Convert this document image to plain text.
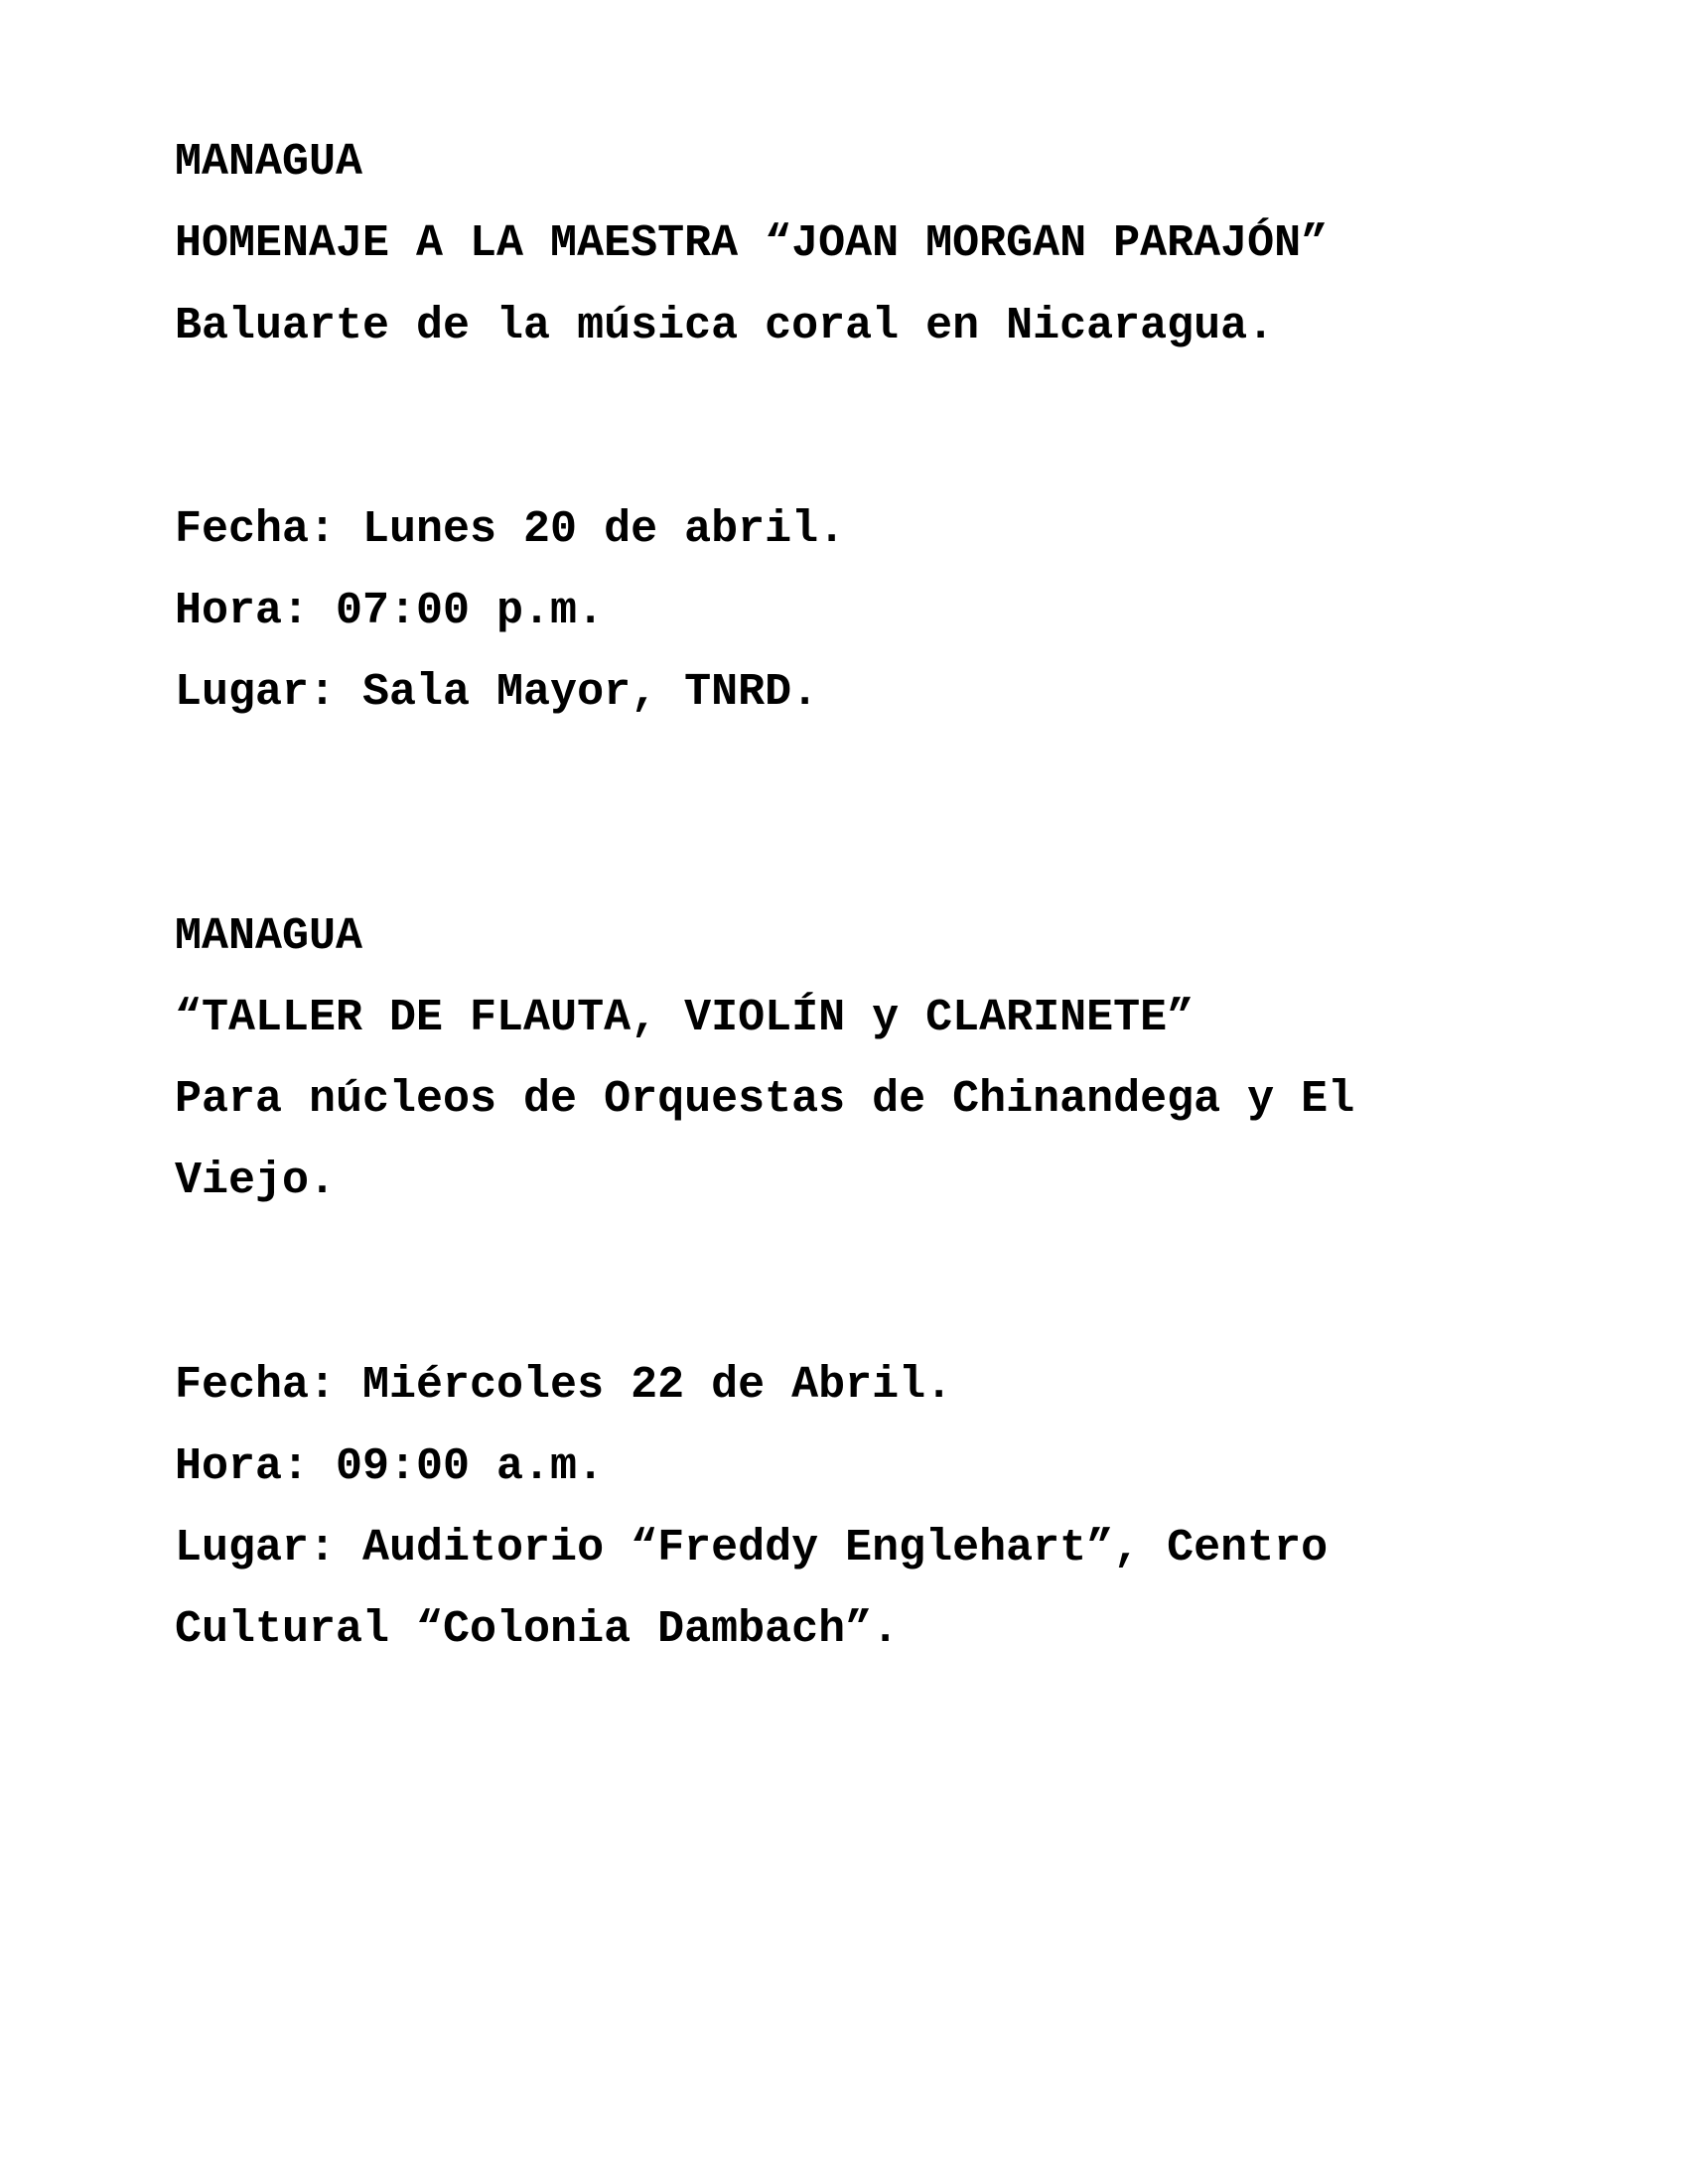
MANAGUA

HOMENAJE A LA MAESTRA “JOAN MORGAN PARAJÓN”

Baluarte de la música coral en Nicaragua.

Fecha: Lunes 20 de abril.

Hora: 07:00 p.m.

Lugar: Sala Mayor, TNRD.

MANAGUA

“TALLER DE FLAUTA, VIOLÍN y CLARINETE”

Para núcleos de Orquestas de Chinandega y El

Viejo.

Fecha: Miércoles 22 de Abril.

Hora: 09:00 a.m.

Lugar: Auditorio “Freddy Englehart”, Centro

Cultural “Colonia Dambach”.
